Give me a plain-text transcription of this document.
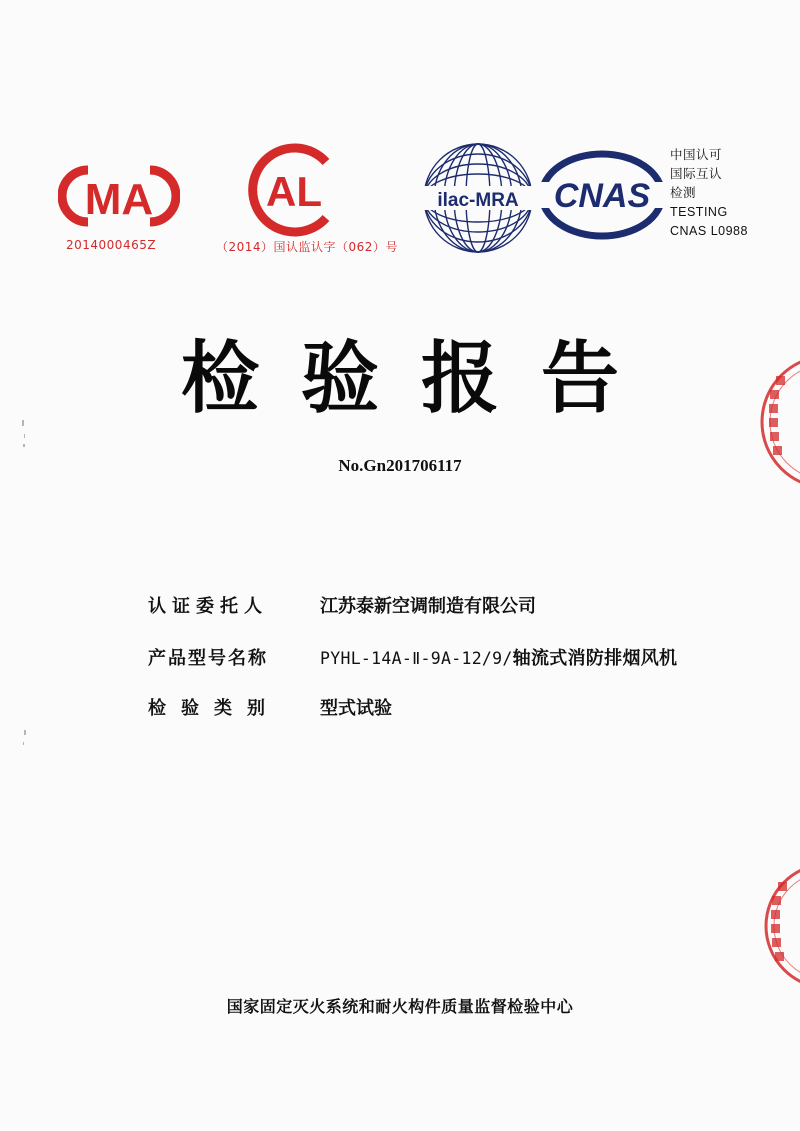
MA
2014000465Z
AL
（2014）国认监认字（062）号
ilac-MRA CNAS
中国认可
国际互认
检测
TESTING
CNAS L0988
检验报告
No.Gn201706117
认证委托人	江苏泰新空调制造有限公司
产品型号名称	PYHL-14A-Ⅱ-9A-12/9/轴流式消防排烟风机
检验类别	型式试验
国家固定灭火系统和耐火构件质量监督检验中心
